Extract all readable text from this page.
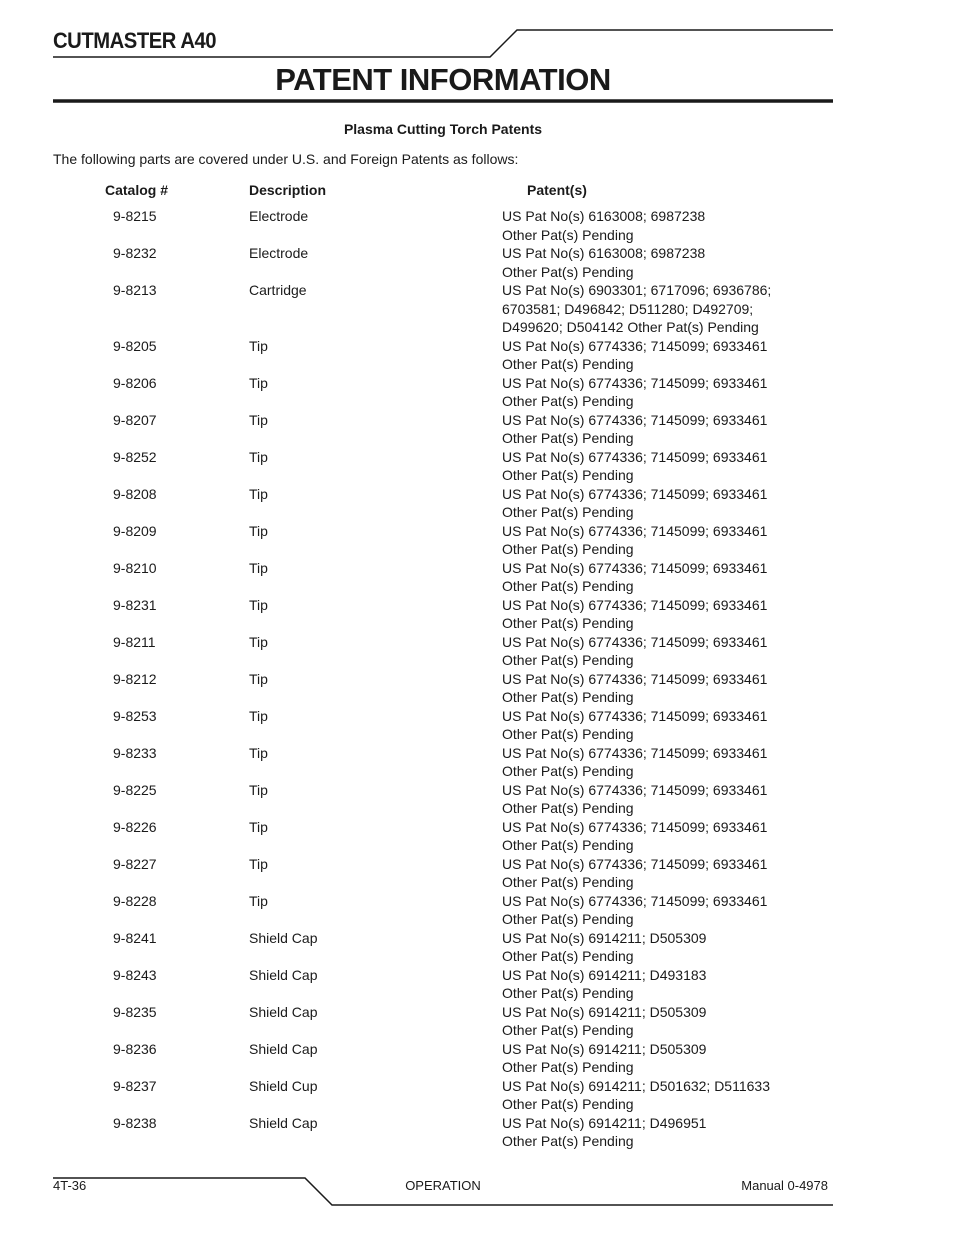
CUTMASTER A40
PATENT INFORMATION
Plasma Cutting Torch Patents
The following parts are covered under U.S. and Foreign Patents as follows:
Catalog #	Description	Patent(s)
9-8215	Electrode	US Pat No(s) 6163008; 6987238
Other Pat(s) Pending
9-8232	Electrode	US Pat No(s) 6163008; 6987238
Other Pat(s) Pending
9-8213	Cartridge	US Pat No(s) 6903301; 6717096; 6936786;
6703581; D496842; D511280; D492709;
D499620; D504142 Other Pat(s) Pending
9-8205	Tip	US Pat No(s) 6774336; 7145099; 6933461
Other Pat(s) Pending
9-8206	Tip	US Pat No(s) 6774336; 7145099; 6933461
Other Pat(s) Pending
9-8207	Tip	US Pat No(s) 6774336; 7145099; 6933461
Other Pat(s) Pending
9-8252	Tip	US Pat No(s) 6774336; 7145099; 6933461
Other Pat(s) Pending
9-8208	Tip	US Pat No(s) 6774336; 7145099; 6933461
Other Pat(s) Pending
9-8209	Tip	US Pat No(s) 6774336; 7145099; 6933461
Other Pat(s) Pending
9-8210	Tip	US Pat No(s) 6774336; 7145099; 6933461
Other Pat(s) Pending
9-8231	Tip	US Pat No(s) 6774336; 7145099; 6933461
Other Pat(s) Pending
9-8211	Tip	US Pat No(s) 6774336; 7145099; 6933461
Other Pat(s) Pending
9-8212	Tip	US Pat No(s) 6774336; 7145099; 6933461
Other Pat(s) Pending
9-8253	Tip	US Pat No(s) 6774336; 7145099; 6933461
Other Pat(s) Pending
9-8233	Tip	US Pat No(s) 6774336; 7145099; 6933461
Other Pat(s) Pending
9-8225	Tip	US Pat No(s) 6774336; 7145099; 6933461
Other Pat(s) Pending
9-8226	Tip	US Pat No(s) 6774336; 7145099; 6933461
Other Pat(s) Pending
9-8227	Tip	US Pat No(s) 6774336; 7145099; 6933461
Other Pat(s) Pending
9-8228	Tip	US Pat No(s) 6774336; 7145099; 6933461
Other Pat(s) Pending
9-8241	Shield Cap	US Pat No(s) 6914211; D505309
Other Pat(s) Pending
9-8243	Shield Cap	US Pat No(s) 6914211; D493183
Other Pat(s) Pending
9-8235	Shield Cap	US Pat No(s) 6914211; D505309
Other Pat(s) Pending
9-8236	Shield Cap	US Pat No(s) 6914211; D505309
Other Pat(s) Pending
9-8237	Shield Cup	US Pat No(s) 6914211; D501632; D511633
Other Pat(s) Pending
9-8238	Shield Cap	US Pat No(s) 6914211; D496951
Other Pat(s) Pending
4T-36	OPERATION	Manual 0-4978
